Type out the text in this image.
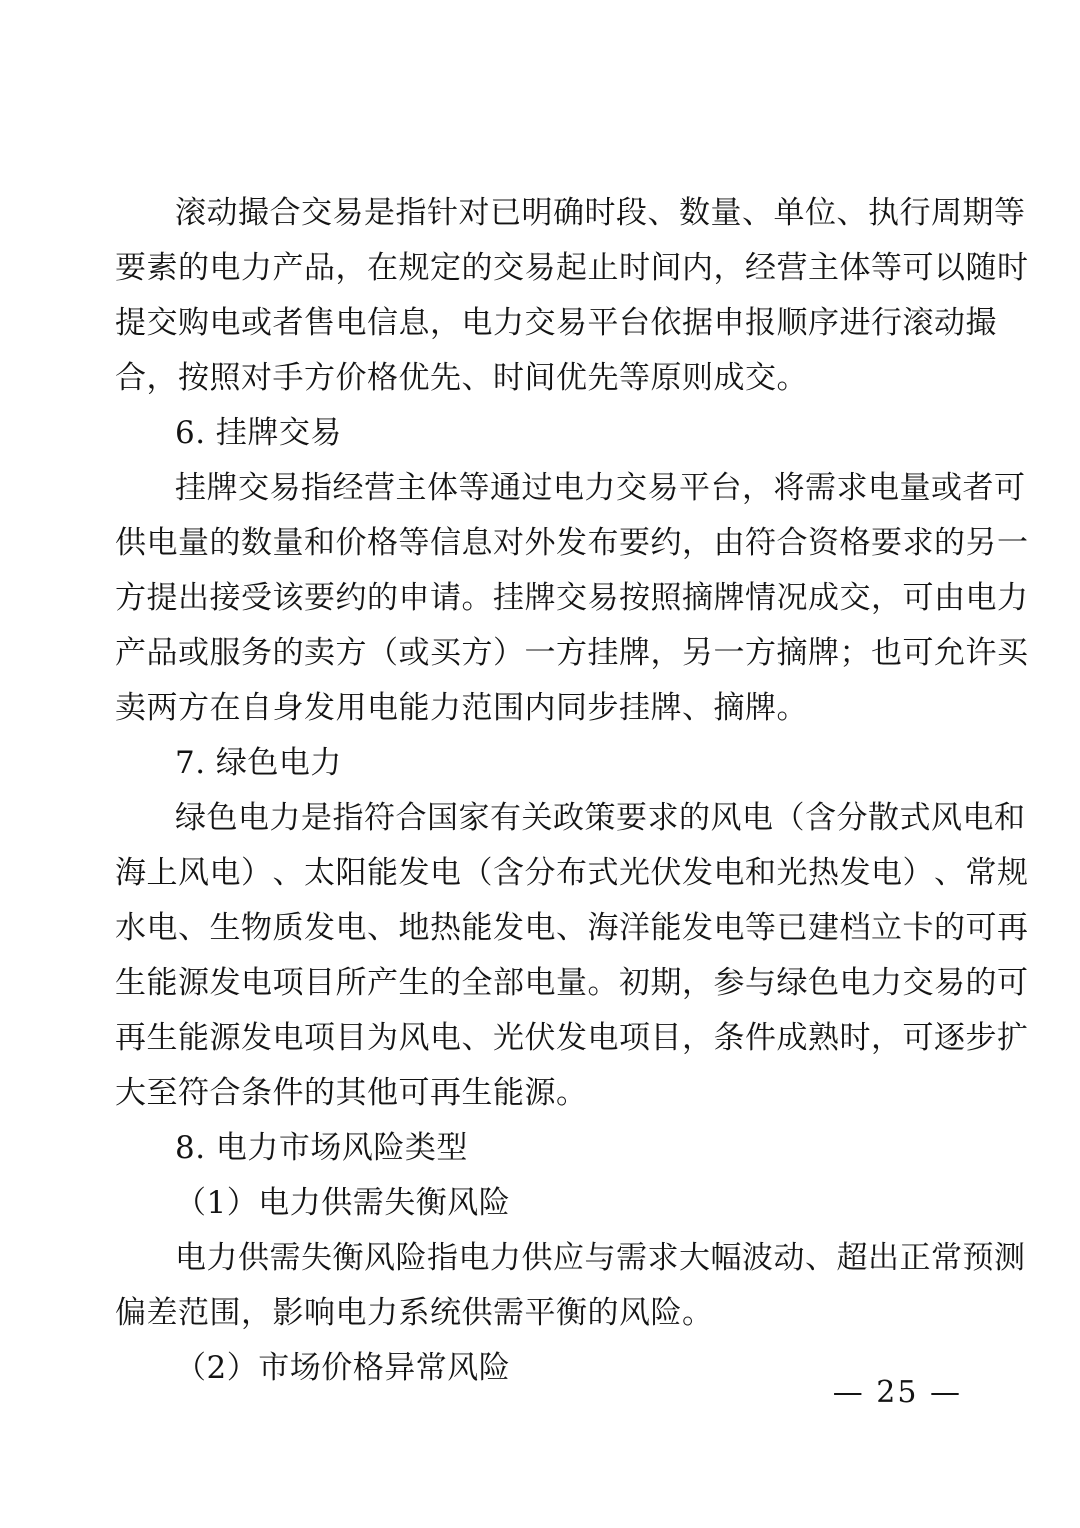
滚 动 撮 合 交 易 是 指 针 对 已 明 确 时 段 、 数 量 、 单 位 、 执 行 周 期 等
要 素 的 电 力 产 品 ， 在 规 定 的 交 易 起 止 时 间 内 ， 经 营 主 体 等 可 以 随 时
提 交 购 电 或 者 售 电 信 息 ， 电 力 交 易 平 台 依 据 申 报 顺 序 进 行 滚 动 撮
合，按照对手方价格优先、时间优先等原则成交。
6. 挂牌交易
挂 牌 交 易 指 经 营 主 体 等 通 过 电 力 交 易 平 台 ， 将 需 求 电 量 或 者 可
供 电 量 的 数 量 和 价 格 等 信 息 对 外 发 布 要 约 ， 由 符 合 资 格 要 求 的 另 一
方 提 出 接 受 该 要 约 的 申 请 。 挂 牌 交 易 按 照 摘 牌 情 况 成 交 ， 可 由 电 力
产 品 或 服 务 的 卖 方 （ 或 买 方 ） 一 方 挂 牌 ， 另 一 方 摘 牌 ； 也 可 允 许 买
卖两方在自身发用电能力范围内同步挂牌、摘牌。
7. 绿色电力
绿 色 电 力 是 指 符 合 国 家 有 关 政 策 要 求 的 风 电 （ 含 分 散 式 风 电 和
海 上 风 电 ） 、 太 阳 能 发 电 （ 含 分 布 式 光 伏 发 电 和 光 热 发 电 ） 、 常 规
水 电 、 生 物 质 发 电 、 地 热 能 发 电 、 海 洋 能 发 电 等 已 建 档 立 卡 的 可 再
生 能 源 发 电 项 目 所 产 生 的 全 部 电 量 。 初 期 ， 参 与 绿 色 电 力 交 易 的 可
再 生 能 源 发 电 项 目 为 风 电 、 光 伏 发 电 项 目 ， 条 件 成 熟 时 ， 可 逐 步 扩
大至符合条件的其他可再生能源。
8. 电力市场风险类型
（1）电力供需失衡风险
电 力 供 需 失 衡 风 险 指 电 力 供 应 与 需 求 大 幅 波 动 、 超 出 正 常 预 测
偏差范围，影响电力系统供需平衡的风险。
（2）市场价格异常风险
— 25 —
